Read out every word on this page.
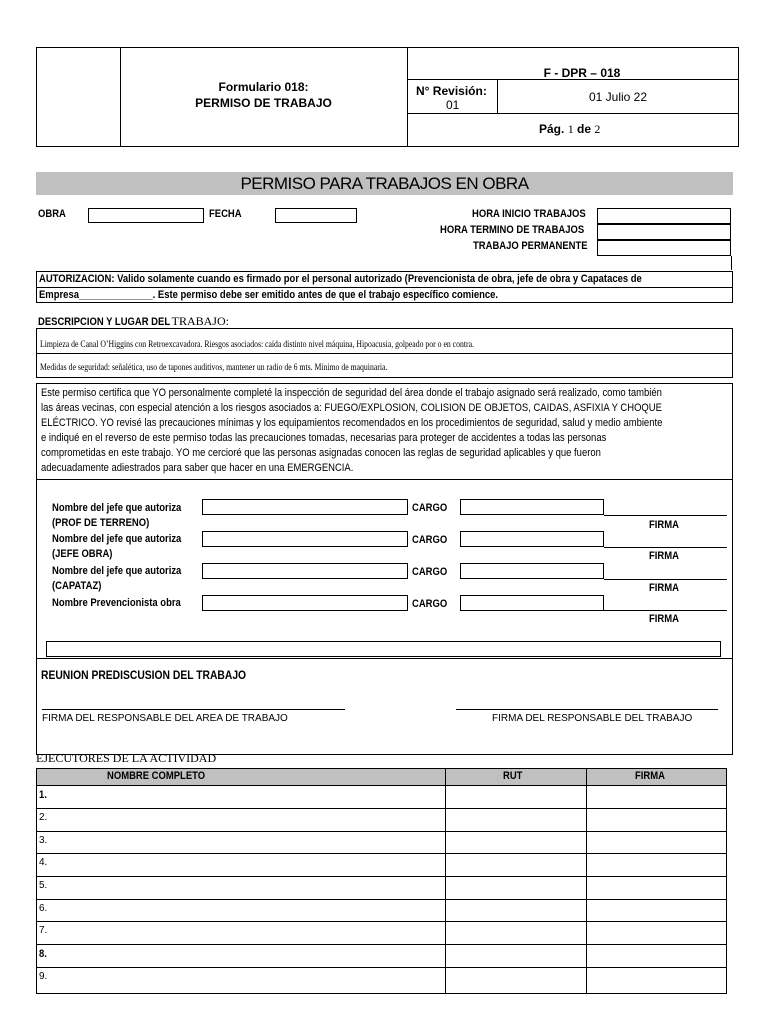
Formulario 018:
PERMISO DE TRABAJO
F - DPR – 018
N° Revisión:
01
01 Julio 22
Pág. 1 de 2
PERMISO PARA TRABAJOS EN OBRA
OBRA	FECHA	HORA INICIO TRABAJOS
HORA TERMINO DE TRABAJOS
TRABAJO PERMANENTE
AUTORIZACION: Valido solamente cuando es firmado por el personal autorizado (Prevencionista de obra, jefe de obra y Capataces de
Empresa______________. Este permiso debe ser emitido antes de que el trabajo específico comience.
DESCRIPCION Y LUGAR DEL TRABAJO:
Limpieza de Canal O’Higgins con Retroexcavadora. Riesgos asociados: caída distinto nivel máquina, Hipoacusia, golpeado por o en contra.
Medidas de seguridad: señalética, uso de tapones auditivos, mantener un radio de 6 mts. Mínimo de maquinaria.
Este permiso certifica que YO personalmente completé la inspección de seguridad del área donde el trabajo asignado será realizado, como también
las áreas vecinas, con especial atención a los riesgos asociados a: FUEGO/EXPLOSION, COLISION DE OBJETOS, CAIDAS, ASFIXIA Y CHOQUE
ELÉCTRICO. YO revisé las precauciones mínimas y los equipamientos recomendados en los procedimientos de seguridad, salud y medio ambiente
e indiqué en el reverso de este permiso todas las precauciones tomadas, necesarias para proteger de accidentes a todas las personas
comprometidas en este trabajo. YO me cercioré que las personas asignadas conocen las reglas de seguridad aplicables y que fueron
adecuadamente adiestrados para saber que hacer en una EMERGENCIA.
Nombre del jefe que autoriza
(PROF DE TERRENO)
CARGO
FIRMA
Nombre del jefe que autoriza
(JEFE OBRA)
CARGO
FIRMA
Nombre del jefe que autoriza
(CAPATAZ)
CARGO
FIRMA
Nombre Prevencionista obra	CARGO
FIRMA
REUNION PREDISCUSION DEL TRABAJO
FIRMA DEL RESPONSABLE DEL AREA DE TRABAJO	FIRMA DEL RESPONSABLE DEL TRABAJO
EJECUTORES DE LA ACTIVIDAD
NOMBRE COMPLETO	RUT	FIRMA
1.
2.
3.
4.
5.
6.
7.
8.
9.
